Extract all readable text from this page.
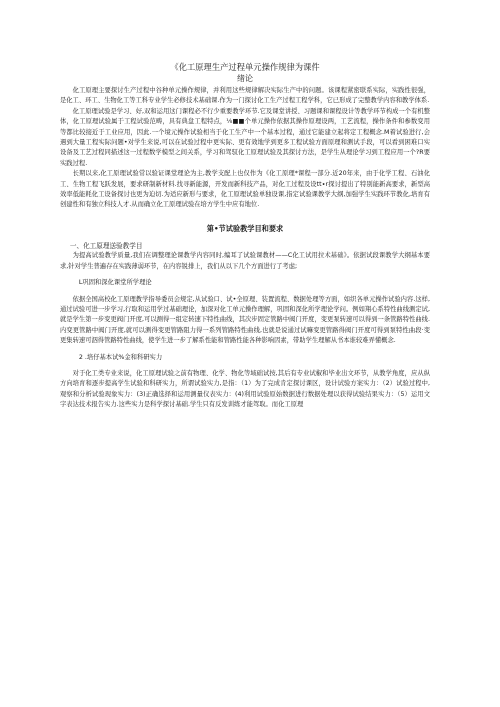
《化工原理生产过程单元操作规律为课件
绪论

化工原理主要探讨生产过程中谷种单元操作规律，并利用这些规律解决实际生产中的问题。该课程紧密联系实际，实践性很强，是化工、环工、生物化工等工科专业学生必修技术基础课.作为一门探讨化工生产过程工程学科，它已形成了完整教学内容和教学体系.

化工原理试验是学习、好,双和运用这门课程必不行少重要教学环节.它及课堂讲授、习题课和课程设计等教学环节构成一个有机整体，化工原理试验属于工程试验范畴，具有典盘工程特点，⅛■■个单元操作依据其操作原理设两，工艺流程，操作条件和参数变用等都比较接近于工业应用，因此.一个境元操作试验相当于化工生产中一个基本过程，通过它能建立起将定工程概念.M着试验进行,会遇到大量工程实际问题•对学生来说,可以在试验过程中更实际、更有效地学到更多工程试验方面原理和测试手段，可以看到困难口实设备及工艺过程同描述这一过程数学模型之间关系，学习和驾驭化工原理试验及其探讨方法，是学生从理论学习到工程应用一个?R要实践过程.

长期以来,化工原理试验常以验证课堂理论为主,教学支配上也仅作为《化工原理*课程一部分.近20年来，由于化学工程、石油化工、生物工程飞跃发展，要求研制新材料.找寻新能源，开发而新科技产品，对化工过程及设tt∙r探讨提出了特别能新高要求，新型高效率低能耗化工设备探讨也更为迫切.为适应新形与要求，化工原理试验单独设课,指定试验课教学大纲,加强学生实践环节教化,培育有创建性和有独立科技人才.从而确立化工原理试验在培方学生中应有地位.

第•节试验教学目和要求
一、化工原理送验教学目

为提高试验教学质量,我们在调整理论课教学内容同时,编耳了试验课教材——C化工试用拉术基础》。依据试段课教学大纲基本要求,针对学生普遍存在实践薄弱环节，在内容锐排上，我们从以下几个方面进行了考虑;

L巩固和深化课堂所学理论

依据全国高校化工原理教学指导委员会规定,从试验口、试•全原理、装置流程、数据处理等方面，如织各单元操作试验内容.这样,通过试验可进一步学习,行取和运用学过基础理论，加深对化工单元操作理解，巩固和深化所学理论学问。例如翔心系特性曲线测定试,就是学生第一步变更阀门开度,可以测得一组定转速下特性曲线，其次步固定管路中阀门开度，变更泵转速可以得到一条管路特性曲线.内变更管路中阀门开度,就可以测得变更管路阻力得一系列管路特性曲线,也就是说通过试嘛变更管路得阀门开度可得到泵特性曲段·变更集转速可泅得管路特性曲线，使学生进一步了解系性能和管路性能各种影响因素，带助学生理解从书本谁较难弄懂概念.

2 .培仔基本试%金和科研实力

对于化工类专业来说，化工原理试验之前有物理、化学、物化等域础试按,其后有专业试椒和毕业出文环节，从教学角度，应从纵方向培育和逐步提高学生试验和科研实力，所谓试验实力,是指：（1）为了完成肯定探讨课区，设计试验方案实力：（2）试验过程中,观察和分析试验现象实力：(3)正确选择和运用测量仪表实力：(4)利用试验原始数据进行数据处理以获得试验结果实力：（5）运用文字表达技术报告实力.这些实力是科学探讨基础.学生只有反发训练才能驾取。而化工原理
